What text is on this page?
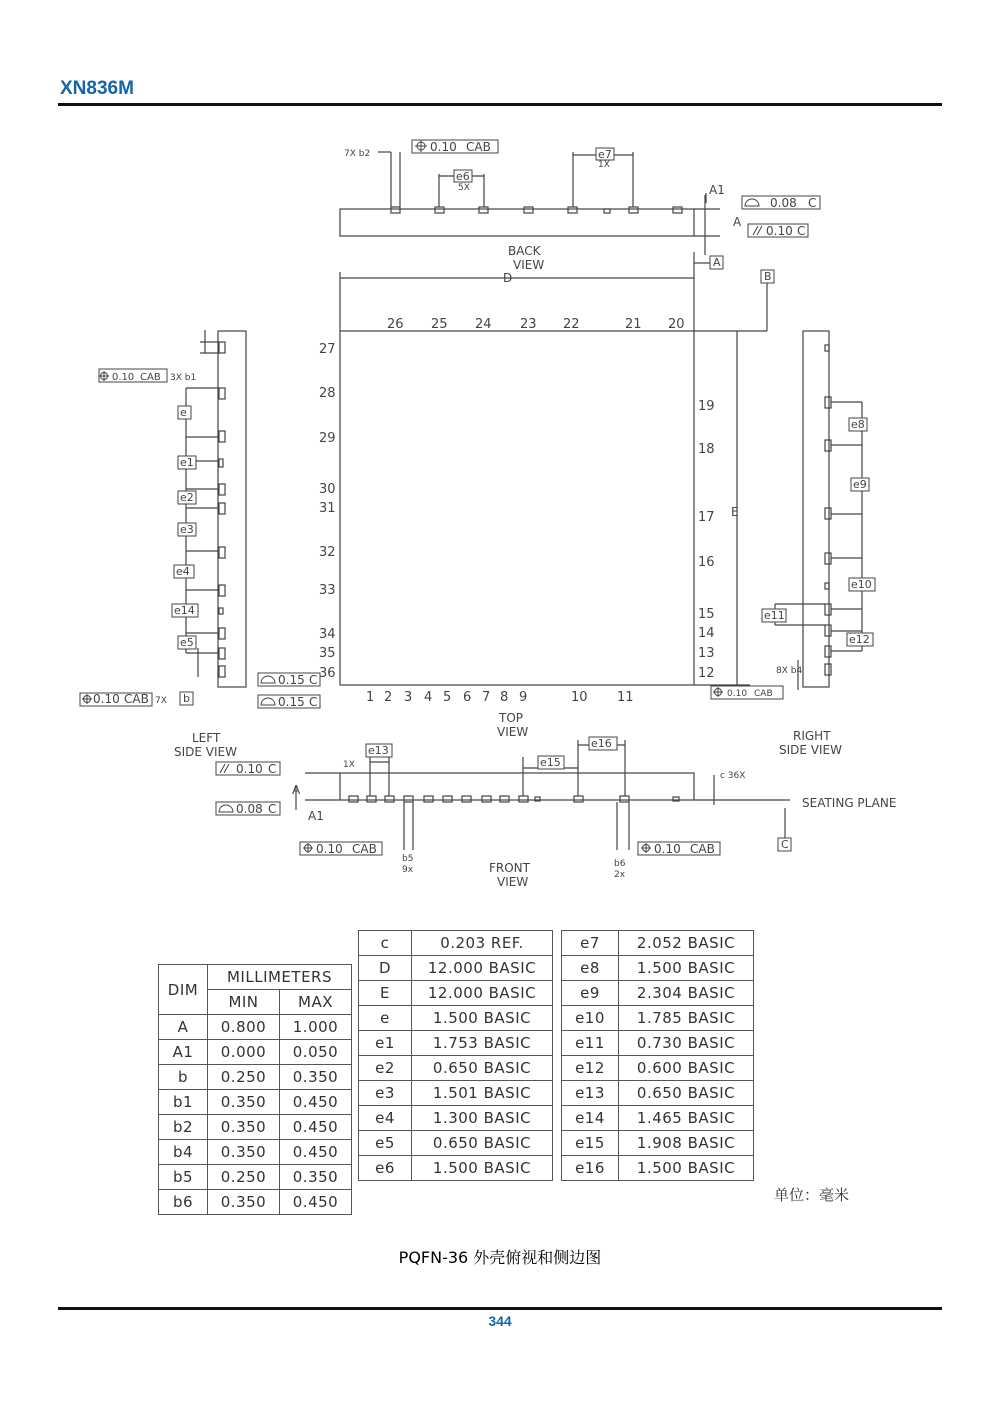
XN836M
0.10 CAB
0.08 C
0.10 C
0.10 CAB
0.10 CAB
0.15 C
0.15 C
0.10 CAB
0.10 C
0.08 C
0.10 CAB	0.10 CAB
A
B
C
7X b2
5X
1X
3X b1
7X
8X b4
1X
b5
9x
b6
2x
c 36X
e6
e7
e
e1
e2
e3
e4
e14
e5
b
e8
e9
e10
e11
e12
e13
e15
e16
BACK
VIEW
TOP
VIEW
FRONT
VIEW
LEFT
SIDE VIEW
RIGHT
SIDE VIEW
SEATING PLANE
D
E
A
A1
A
A1
26 25 24 23 22	21 20
27
28
29
30
31
32
33
34
35
36
1 2 3 4 5 6 7 8 9	10 11
19
18
17
16
15
14
13
12
DIM	MILLIMETERS	
	MIN	MAX
A	0.800	1.000
A1	0.000	0.050
b	0.250	0.350
b1	0.350	0.450
b2	0.350	0.450
b4	0.350	0.450
b5	0.250	0.350
b6	0.350	0.450
c	0.203 REF.
D	12.000 BASIC
E	12.000 BASIC
e	1.500 BASIC
e1	1.753 BASIC
e2	0.650 BASIC
e3	1.501 BASIC
e4	1.300 BASIC
e5	0.650 BASIC
e6	1.500 BASIC
e7	2.052 BASIC
e8	1.500 BASIC
e9	2.304 BASIC
e10	1.785 BASIC
e11	0.730 BASIC
e12	0.600 BASIC
e13	0.650 BASIC
e14	1.465 BASIC
e15	1.908 BASIC
e16	1.500 BASIC
单位：毫米
PQFN-36 外壳俯视和侧边图
344
